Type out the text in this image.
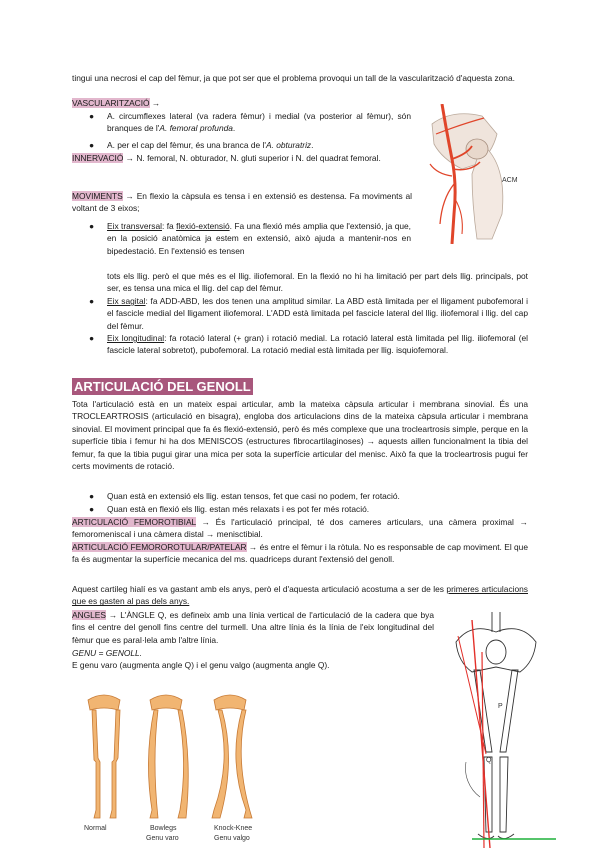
tingui una necrosi el cap del fèmur, ja que pot ser que el problema provoqui un tall de la vascularització d'aquesta zona.
VASCULARITZACIÓ →
● A. circumflexes lateral (va radera fèmur) i medial (va posterior al fèmur), són branques de l'A. femoral profunda.
● A. per el cap del fèmur, és una branca de l'A. obturatriz.
INNERVACIÓ → N. femoral, N. obturador, N. gluti superior i N. del quadrat femoral.
ACM
MOVIMENTS → En flexio la càpsula es tensa i en extensió es destensa. Fa moviments al voltant de 3 eixos;
● Eix transversal: fa flexió-extensió. Fa una flexió més amplia que l'extensió, ja que, en la posició anatòmica ja estem en extensió, això ajuda a mantenir-nos en bipedestació. En l'extensió es tensen
tots els llig. però el que més es el llig. iliofemoral. En la flexió no hi ha limitació per part dels llig. principals, pot ser, es tensa una mica el llig. del cap del fèmur.
● Eix sagital: fa ADD-ABD, les dos tenen una amplitud similar. La ABD està limitada per el lligament pubofemoral i el fascicle medial del lligament iliofemoral. L'ADD està limitada pel fascicle lateral del llig. iliofemoral i llig. del cap del fèmur.
● Eix longitudinal: fa rotació lateral (+ gran) i rotació medial. La rotació lateral està limitada pel llig. iliofemoral (el fascicle lateral sobretot), pubofemoral. La rotació medial està limitada per llig. isquiofemoral.
ARTICULACIÓ DEL GENOLL
Tota l'articulació està en un mateix espai articular, amb la mateixa càpsula articular i membrana sinovial. És una TROCLEARTROSIS (articulació en bisagra), engloba dos articulacions dins de la mateixa càpsula articular i membrana sinovial. El moviment principal que fa és flexió-extensió, però és més complexe que una trocleartrosis simple, perque en la superfície tibia i femur hi ha dos MENISCOS (estructures fibrocartilaginoses) → aquests aillen funcionalment la tibia del femur, fa que la tibia pugui girar una mica per sota la superfície articular del menisc. Això fa que la trocleartrosis pugui fer certs moviments de rotació.
● Quan està en extensió els llig. estan tensos, fet que casi no podem, fer rotació.
● Quan està en flexió els llig. estan més relaxats i es pot fer més rotació.
ARTICULACIÓ FEMOROTIBIAL → És l'articulació principal, té dos cameres articulars, una càmera proximal → femoromeniscal i una càmera distal → menisctibial.
ARTICULACIÓ FEMOROROTULAR/PATELAR → és entre el fèmur i la ròtula. No es responsable de cap moviment. El que fa és augmentar la superfície mecanica del ms. quadriceps durant l'extensió del genoll.
Aquest cartileg hialí es va gastant amb els anys, però el d'aquesta articulació acostuma a ser de les primeres articulacions que es gasten al pas dels anys.
ANGLES → L'ÀNGLE Q, es defineix amb una línia vertical de l'articulació de la cadera que bya fins el centre del genoll fins centre del turmell. Una altre línia és la línia de l'eix longitudinal del fèmur que es paral·lela amb l'altre línia.
GENU = GENOLL.
E genu varo (augmenta angle Q) i el genu valgo (augmenta angle Q).
Normal	Bowlegs
Genu varo
Knock-Knee
Genu valgo
P
Q
